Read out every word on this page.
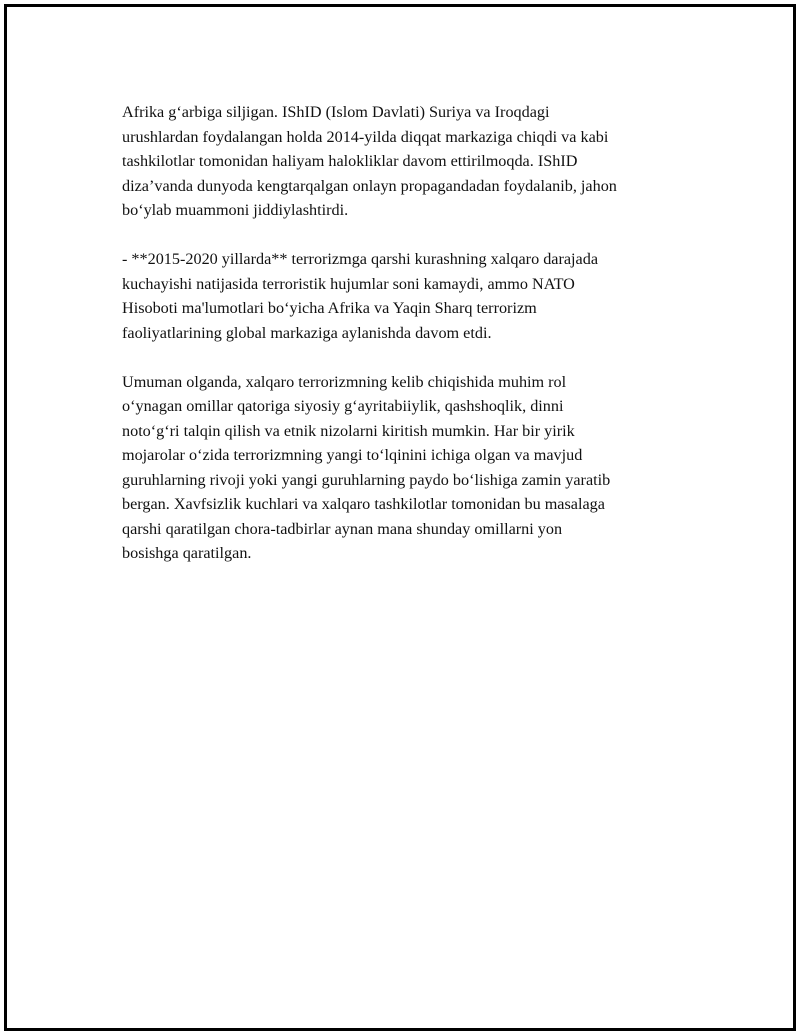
Afrika g‘arbiga siljigan. IShID (Islom Davlati) Suriya va Iroqdagi
urushlardan foydalangan holda 2014-yilda diqqat markaziga chiqdi va kabi
tashkilotlar tomonidan haliyam halokliklar davom ettirilmoqda. IShID
diza’vanda dunyoda kengtarqalgan onlayn propagandadan foydalanib, jahon
bo‘ylab muammoni jiddiylashtirdi.

- **2015-2020 yillarda** terrorizmga qarshi kurashning xalqaro darajada
kuchayishi natijasida terroristik hujumlar soni kamaydi, ammo NATO
Hisoboti ma'lumotlari bo‘yicha Afrika va Yaqin Sharq terrorizm
faoliyatlarining global markaziga aylanishda davom etdi.

Umuman olganda, xalqaro terrorizmning kelib chiqishida muhim rol
o‘ynagan omillar qatoriga siyosiy g‘ayritabiiylik, qashshoqlik, dinni
noto‘g‘ri talqin qilish va etnik nizolarni kiritish mumkin. Har bir yirik
mojarolar o‘zida terrorizmning yangi to‘lqinini ichiga olgan va mavjud
guruhlarning rivoji yoki yangi guruhlarning paydo bo‘lishiga zamin yaratib
bergan. Xavfsizlik kuchlari va xalqaro tashkilotlar tomonidan bu masalaga
qarshi qaratilgan chora-tadbirlar aynan mana shunday omillarni yon
bosishga qaratilgan.
